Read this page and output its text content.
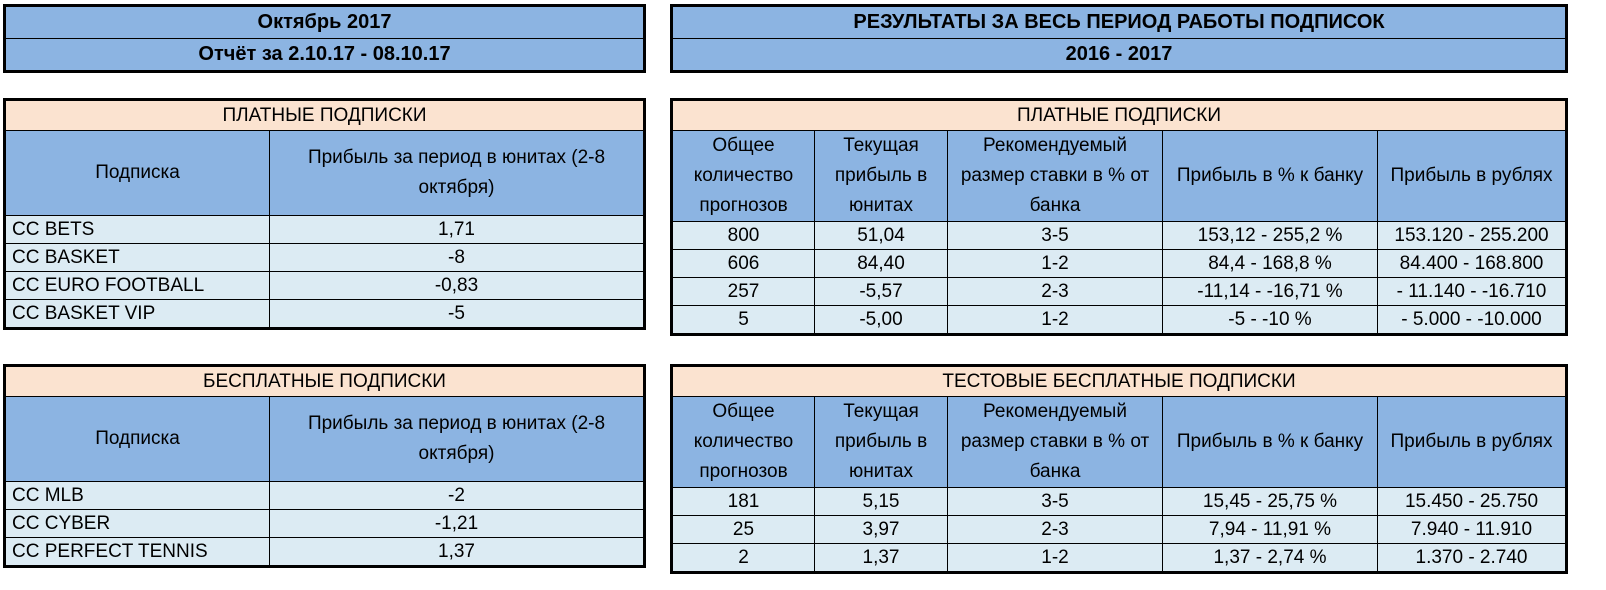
Октябрь 2017
Отчёт за 2.10.17 - 08.10.17
РЕЗУЛЬТАТЫ ЗА ВЕСЬ ПЕРИОД РАБОТЫ ПОДПИСОК
2016 - 2017
ПЛАТНЫЕ ПОДПИСКИ	
Подписка	Прибыль за период в юнитах (2-8 октября)
CC BETS	1,71
CC BASKET	-8
CC EURO FOOTBALL	-0,83
CC BASKET VIP	-5
ПЛАТНЫЕ ПОДПИСКИ				
Общее количество прогнозов	Текущая прибыль в юнитах	Рекомендуемый размер ставки в % от банка	Прибыль в % к банку	Прибыль в рублях
800	51,04	3-5	153,12 - 255,2 %	153.120 - 255.200
606	84,40	1-2	84,4 - 168,8 %	84.400 - 168.800
257	-5,57	2-3	-11,14 - -16,71 %	- 11.140 - -16.710
5	-5,00	1-2	-5 - -10 %	- 5.000 - -10.000
БЕСПЛАТНЫЕ ПОДПИСКИ	
Подписка	Прибыль за период в юнитах (2-8 октября)
CC MLB	-2
CC CYBER	-1,21
CC PERFECT TENNIS	1,37
ТЕСТОВЫЕ БЕСПЛАТНЫЕ ПОДПИСКИ				
Общее количество прогнозов	Текущая прибыль в юнитах	Рекомендуемый размер ставки в % от банка	Прибыль в % к банку	Прибыль в рублях
181	5,15	3-5	15,45 - 25,75 %	15.450 - 25.750
25	3,97	2-3	7,94 - 11,91 %	7.940 - 11.910
2	1,37	1-2	1,37 - 2,74 %	1.370 - 2.740
